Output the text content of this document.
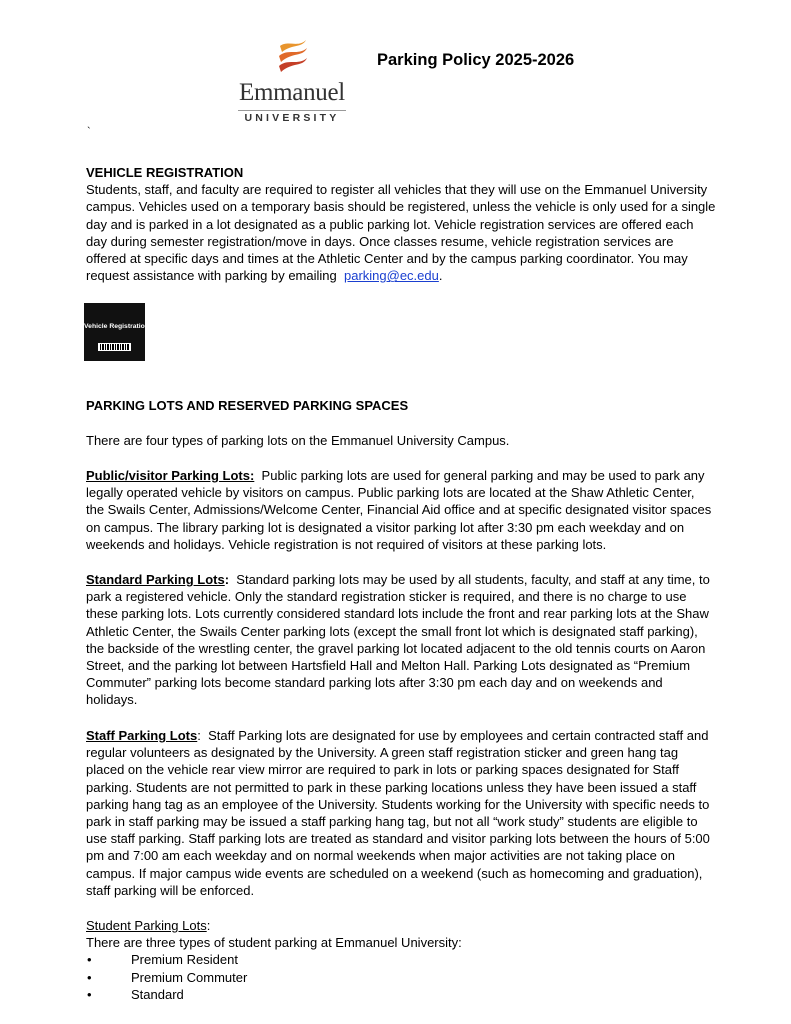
Emmanuel
UNIVERSITY
Parking Policy 2025-2026
`

VEHICLE REGISTRATION

Students, staff, and faculty are required to register all vehicles that they will use on the Emmanuel University campus. Vehicles used on a temporary basis should be registered, unless the vehicle is only used for a single day and is parked in a lot designated as a public parking lot. Vehicle registration services are offered each day during semester registration/move in days. Once classes resume, vehicle registration services are offered at specific days and times at the Athletic Center and by the campus parking coordinator. You may request assistance with parking by emailing parking@ec.edu.

Vehicle Registration

PARKING LOTS AND RESERVED PARKING SPACES

There are four types of parking lots on the Emmanuel University Campus.

Public/visitor Parking Lots: Public parking lots are used for general parking and may be used to park any legally operated vehicle by visitors on campus. Public parking lots are located at the Shaw Athletic Center, the Swails Center, Admissions/Welcome Center, Financial Aid office and at specific designated visitor spaces on campus. The library parking lot is designated a visitor parking lot after 3:30 pm each weekday and on weekends and holidays. Vehicle registration is not required of visitors at these parking lots.

Standard Parking Lots: Standard parking lots may be used by all students, faculty, and staff at any time, to park a registered vehicle. Only the standard registration sticker is required, and there is no charge to use these parking lots. Lots currently considered standard lots include the front and rear parking lots at the Shaw Athletic Center, the Swails Center parking lots (except the small front lot which is designated staff parking), the backside of the wrestling center, the gravel parking lot located adjacent to the old tennis courts on Aaron Street, and the parking lot between Hartsfield Hall and Melton Hall. Parking Lots designated as “Premium Commuter” parking lots become standard parking lots after 3:30 pm each day and on weekends and holidays.

Staff Parking Lots: Staff Parking lots are designated for use by employees and certain contracted staff and regular volunteers as designated by the University. A green staff registration sticker and green hang tag placed on the vehicle rear view mirror are required to park in lots or parking spaces designated for Staff parking. Students are not permitted to park in these parking locations unless they have been issued a staff parking hang tag as an employee of the University. Students working for the University with specific needs to park in staff parking may be issued a staff parking hang tag, but not all “work study” students are eligible to use staff parking. Staff parking lots are treated as standard and visitor parking lots between the hours of 5:00 pm and 7:00 am each weekday and on normal weekends when major activities are not taking place on campus. If major campus wide events are scheduled on a weekend (such as homecoming and graduation), staff parking will be enforced.

Student Parking Lots:

There are three types of student parking at Emmanuel University:

•	Premium Resident
•	Premium Commuter
•	Standard
